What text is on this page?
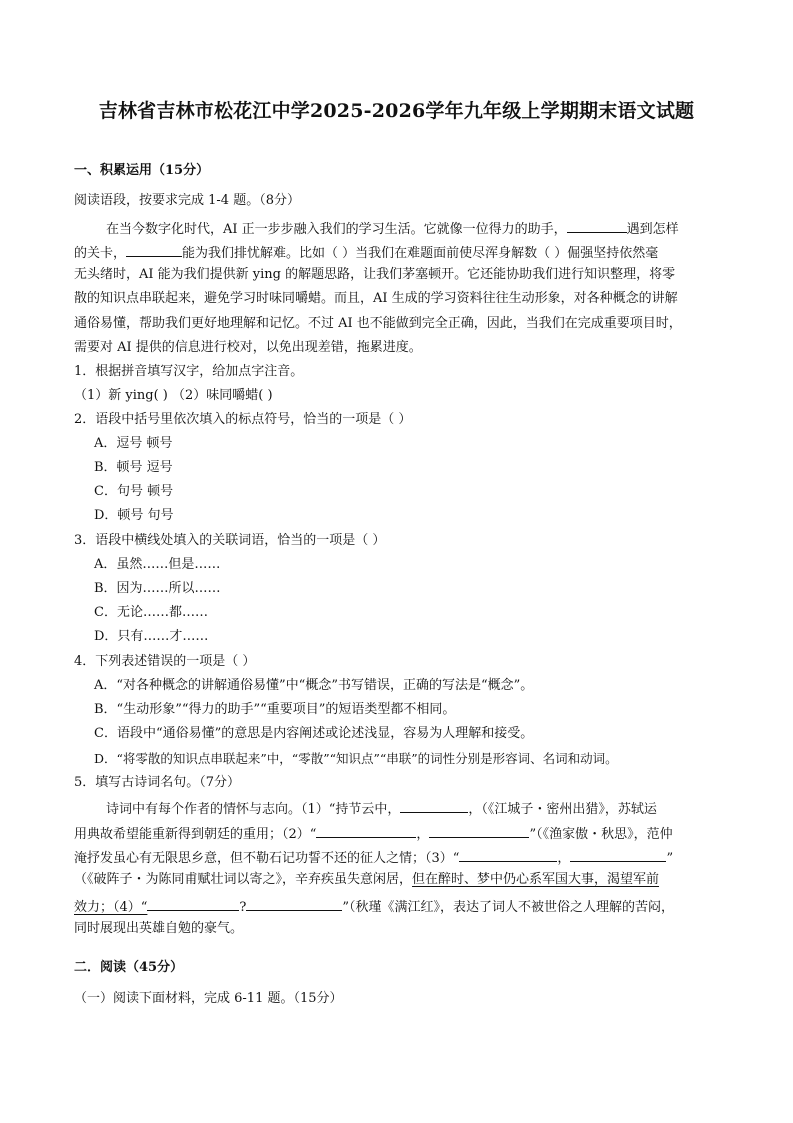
吉林省吉林市松花江中学2025-2026学年九年级上学期期末语文试题
一、积累运用（15分）
阅读语段，按要求完成 1-4 题。（8分）
在当今数字化时代，AI 正一步步融入我们的学习生活。它就像一位得力的助手，	遇到怎样
的关卡，	能为我们排忧解难。比如（ ）当我们在难题面前使尽浑身解数（ ）倔强坚持依然毫
无头绪时，AI 能为我们提供新 ying 的解题思路，让我们茅塞顿开。它还能协助我们进行知识整理，将零
散的知识点串联起来，避免学习时味同嚼蜡。而且，AI 生成的学习资料往往生动形象，对各种概念的讲解
通俗易懂，帮助我们更好地理解和记忆。不过 AI 也不能做到完全正确，因此，当我们在完成重要项目时，
需要对 AI 提供的信息进行校对，以免出现差错，拖累进度。
1．根据拼音填写汉字，给加点字注音。
（1）新 ying( ) （2）味同嚼蜡( )
2．语段中括号里依次填入的标点符号，恰当的一项是（ ）
A．逗号 顿号
B．顿号 逗号
C．句号 顿号
D．顿号 句号
3．语段中横线处填入的关联词语，恰当的一项是（ ）
A．虽然……但是……
B．因为……所以……
C．无论……都……
D．只有……才……
4．下列表述错误的一项是（ ）
A．“对各种概念的讲解通俗易懂”中“概念”书写错误，正确的写法是“概念”。
B．“生动形象”“得力的助手”“重要项目”的短语类型都不相同。
C．语段中“通俗易懂”的意思是内容阐述或论述浅显，容易为人理解和接受。
D．“将零散的知识点串联起来”中，“零散”“知识点”“串联”的词性分别是形容词、名词和动词。
5．填写古诗词名句。（7分）
诗词中有每个作者的情怀与志向。（1）“持节云中，	，（《江城子・密州出猎》，苏轼运
用典故希望能重新得到朝廷的重用；（2）“	，	”（《渔家傲・秋思》，范仲
淹抒发虽心有无限思乡意，但不勒石记功誓不还的征人之情；（3）“	，	”
（《破阵子・为陈同甫赋壮词以寄之》，辛弃疾虽失意闲居，但在醉时、梦中仍心系军国大事，渴望军前
效力；（4）“	?	”（秋瑾《满江红》，表达了词人不被世俗之人理解的苦闷，
同时展现出英雄自勉的豪气。
二．阅读（45分）
（一）阅读下面材料，完成 6-11 题。（15分）
